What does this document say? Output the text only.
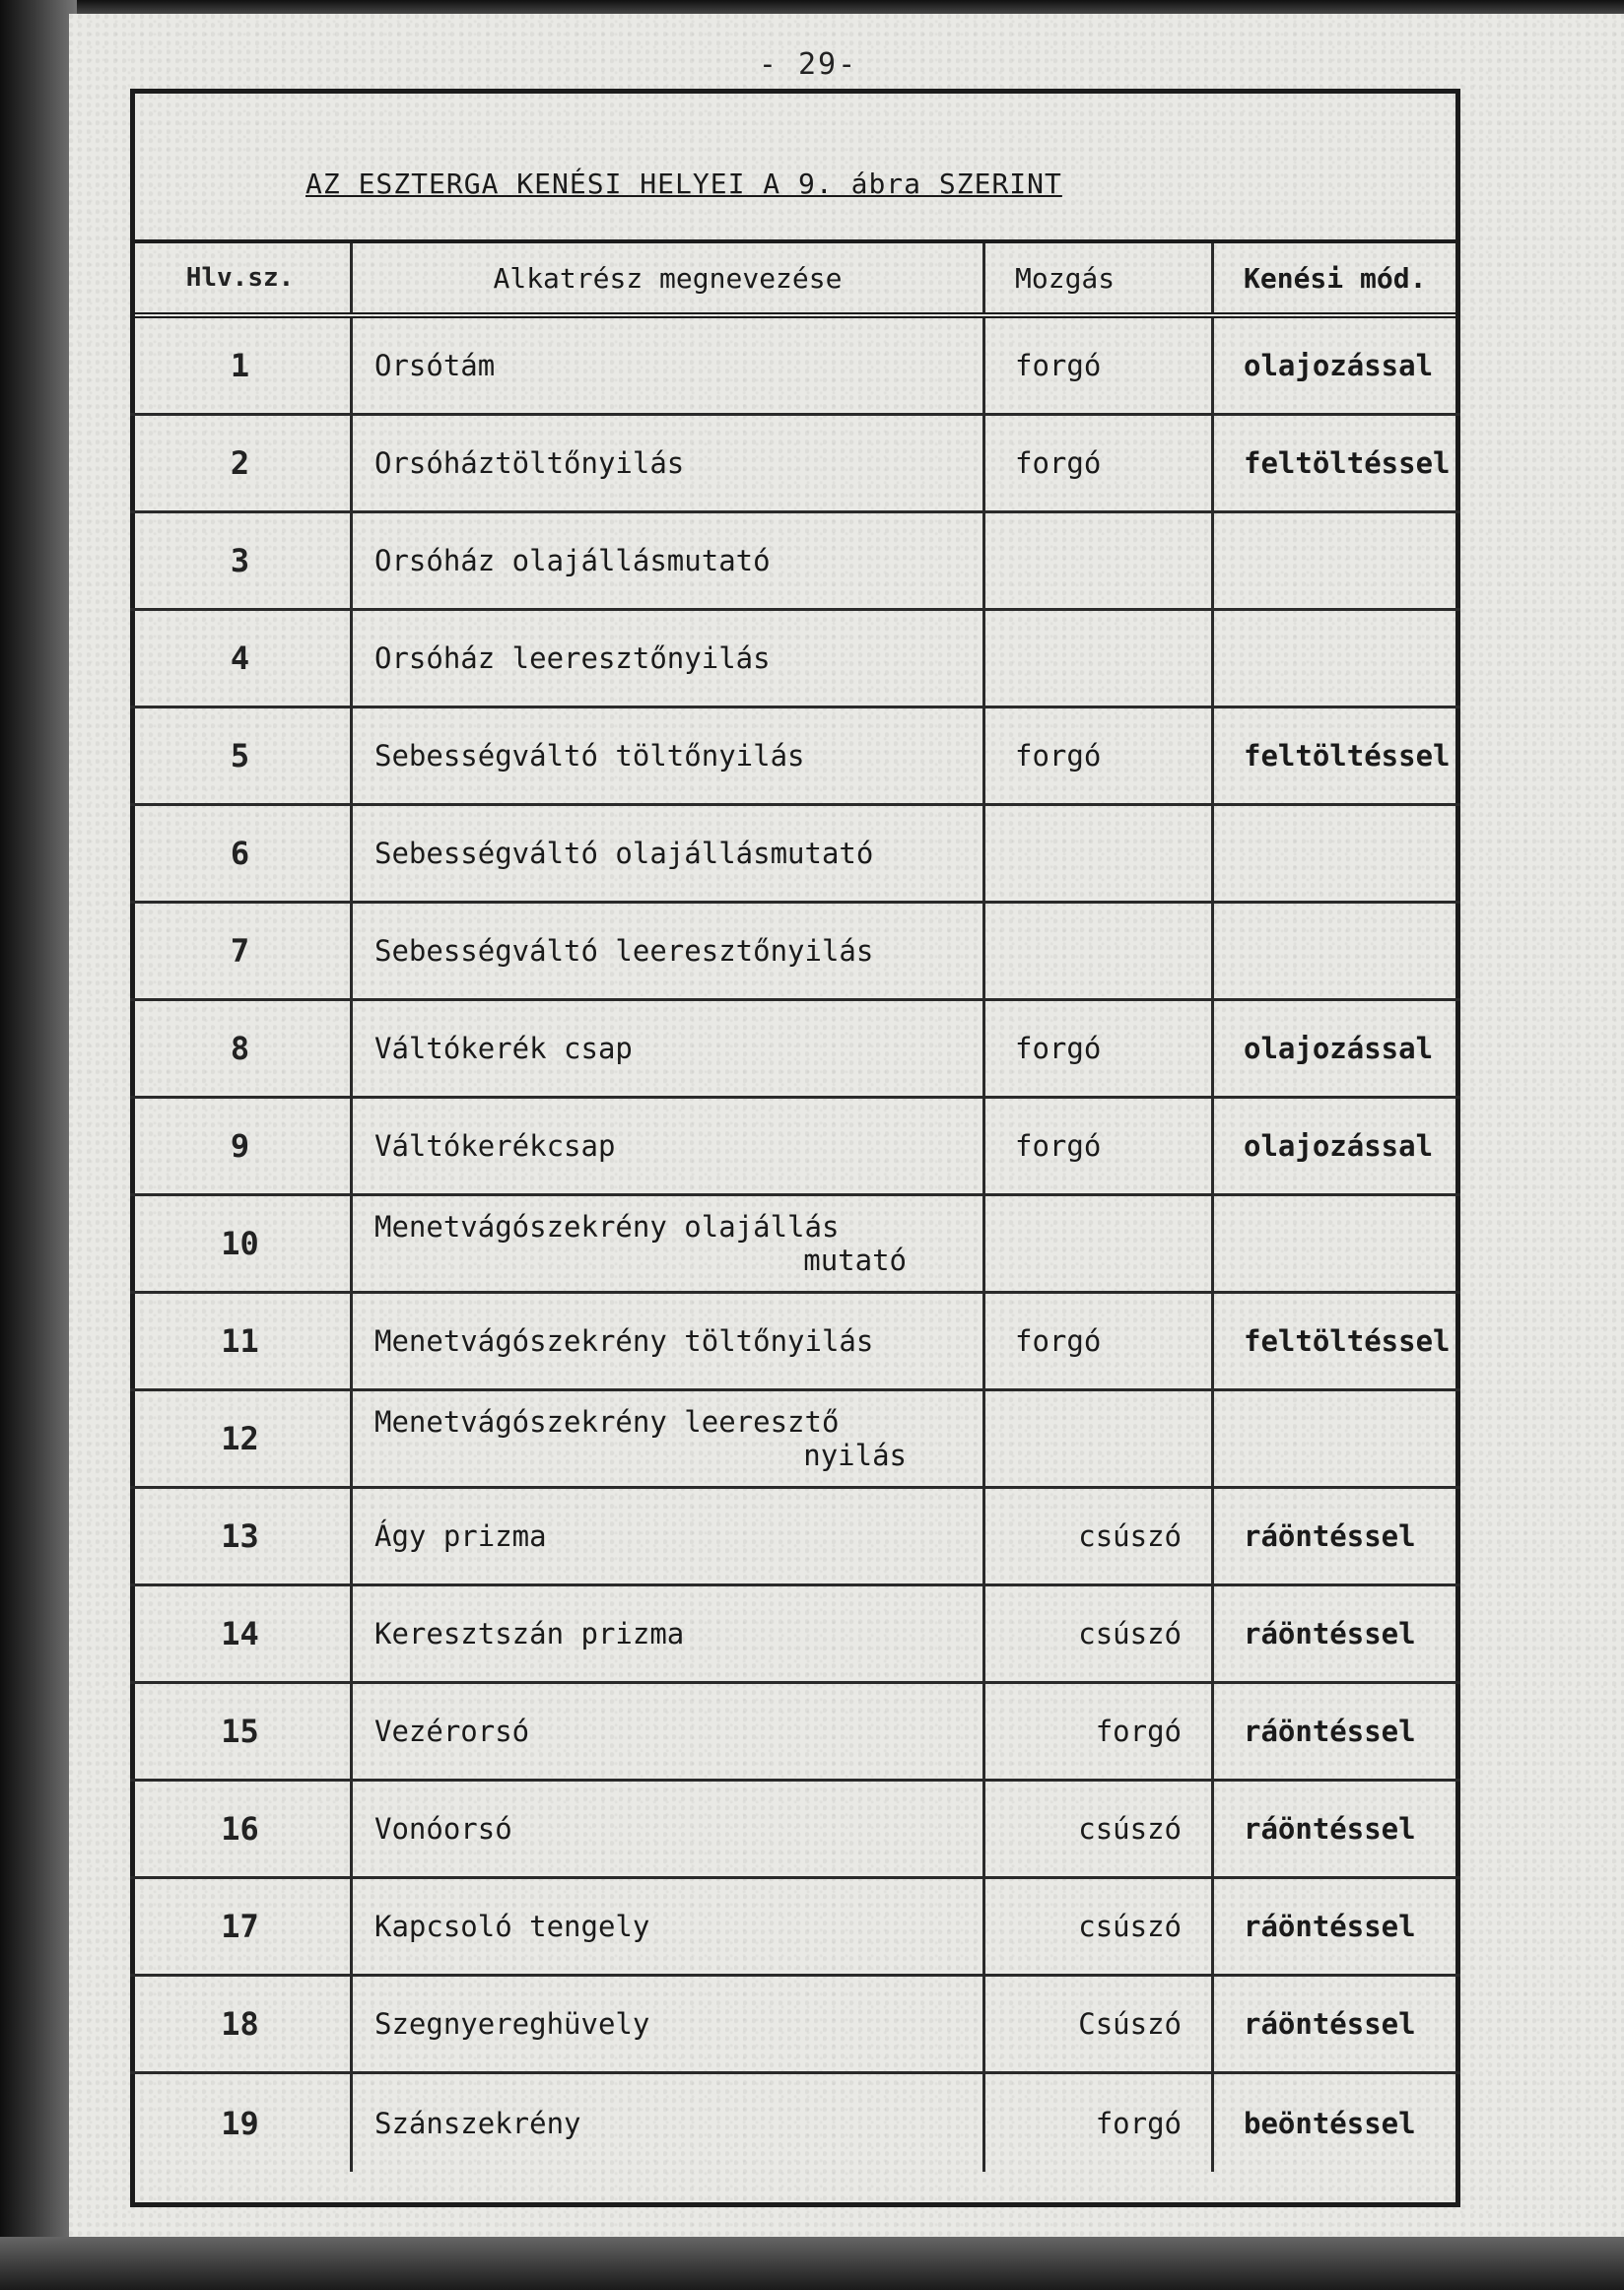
- 29-
AZ ESZTERGA KENÉSI HELYEI A 9. ábra SZERINT
Hlv.sz.	Alkatrész megnevezése	Mozgás	Kenési mód.
1	Orsótám	forgó	olajozással
2	Orsóháztöltőnyilás	forgó	feltöltéssel
3	Orsóház olajállásmutató
4	Orsóház leeresztőnyilás
5	Sebességváltó töltőnyilás	forgó	feltöltéssel
6	Sebességváltó olajállásmutató
7	Sebességváltó leeresztőnyilás
8	Váltókerék csap	forgó	olajozással
9	Váltókerékcsap	forgó	olajozással
10	Menetvágószekrény olajállás
mutató
11	Menetvágószekrény töltőnyilás	forgó	feltöltéssel
12	Menetvágószekrény leeresztő
nyilás
13	Ágy prizma	csúszó	ráöntéssel
14	Keresztszán prizma	csúszó	ráöntéssel
15	Vezérorsó	forgó	ráöntéssel
16	Vonóorsó	csúszó	ráöntéssel
17	Kapcsoló tengely	csúszó	ráöntéssel
18	Szegnyereghüvely	Csúszó	ráöntéssel
19	Szánszekrény	forgó	beöntéssel
